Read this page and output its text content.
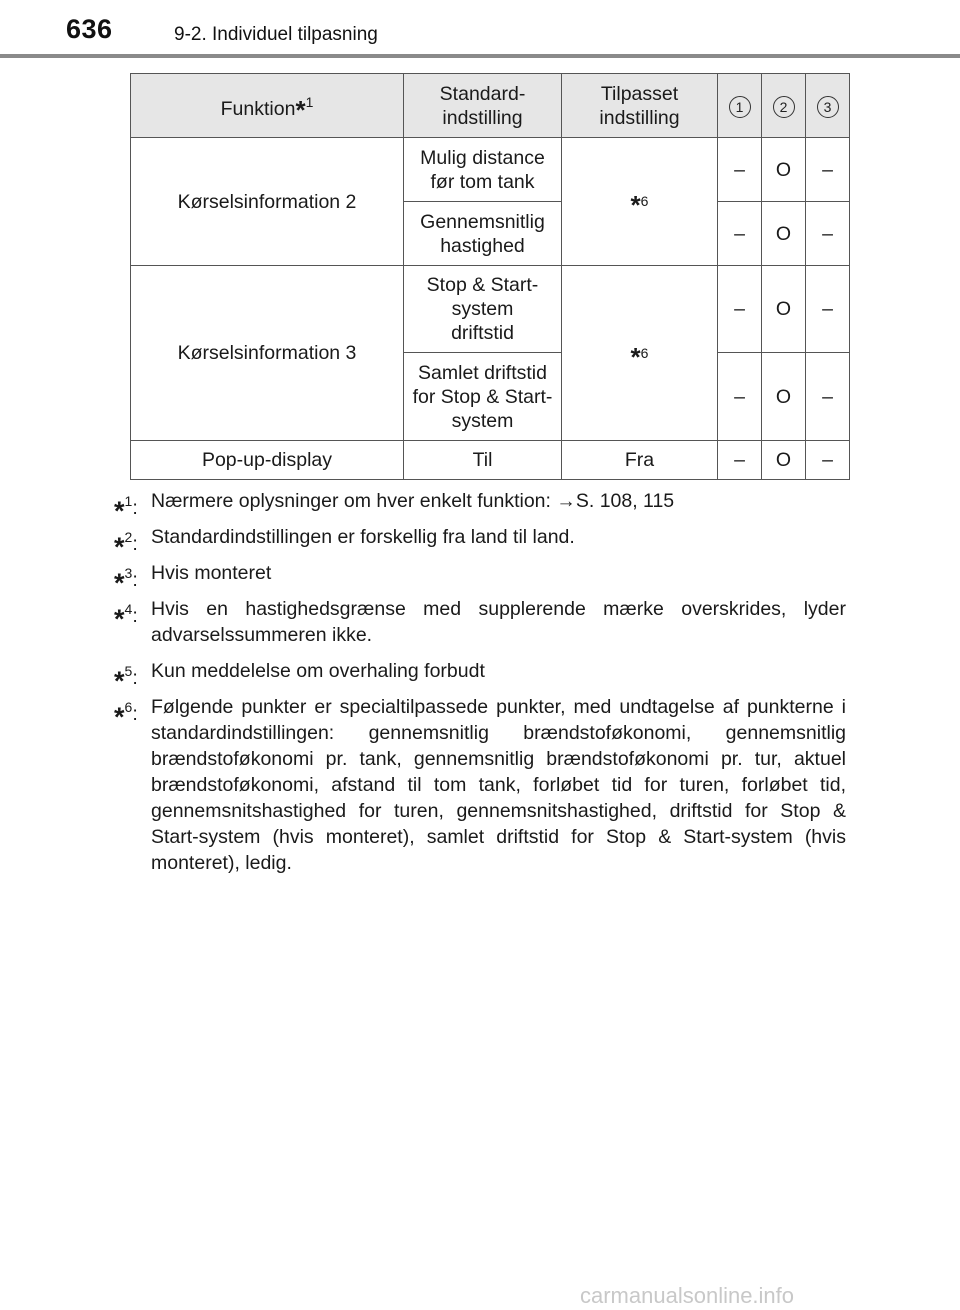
636	9-2. Individuel tilpasning
Funktion*$^1$	Standard-indstilling	Tilpasset indstilling	1	2	3
Kørselsinformation 2	Mulig distance før tom tank	*6	–	O	–
	Gennemsnitlig hastighed		–	O	–
Kørselsinformation 3	Stop & Start-system driftstid	*6	–	O	–
	Samlet driftstid for Stop & Start-system		–	O	–
Pop-up-display	Til	Fra	–	O	–
*$^1$: Nærmere oplysninger om hver enkelt funktion: →S. 108, 115
*$^2$: Standardindstillingen er forskellig fra land til land.
*$^3$: Hvis monteret
*$^4$: Hvis en hastighedsgrænse med supplerende mærke overskrides, lyder advarselssummeren ikke.
*$^5$: Kun meddelelse om overhaling forbudt
*$^6$: Følgende punkter er specialtilpassede punkter, med undtagelse af punkterne i standardindstillingen: gennemsnitlig brændstoføkonomi, gennemsnitlig brændstoføkonomi pr. tank, gennemsnitlig brændstoføkonomi pr. tur, aktuel brændstoføkonomi, afstand til tom tank, forløbet tid for turen, forløbet tid, gennemsnitshastighed for turen, gennemsnitshastighed, driftstid for Stop & Start-system (hvis monteret), samlet driftstid for Stop & Start-system (hvis monteret), ledig.
carmanualsonline.info
